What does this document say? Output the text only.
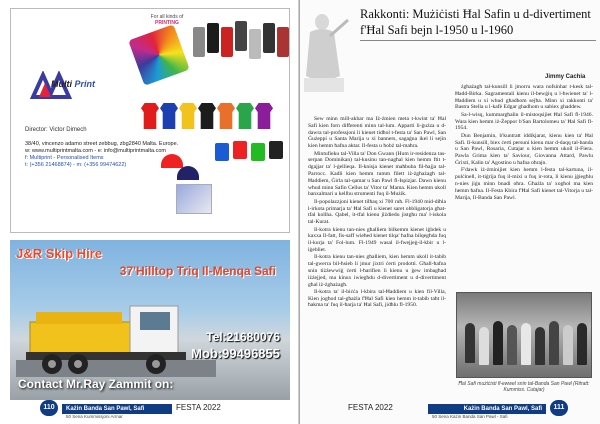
For all kinds of
PRINTING
Multi Print
Director: Victor Dimech
38/40, vincenzo adamo street zebbug, zbg2840 Malta. Europe.
w: www.multiprintmalta.com - e: info@multiprintmalta.com
f: Multiprint - Personalised Items
t: (+356 21468874) - m: (+356 99474622)
J&R Skip Hire
37'Hilltop Triq Il-Menqa Safi
Tel:21680076
Mob:99496855
Contact Mr.Ray Zammit on:
110	Każin Banda San Pawl, Safi
50 Sena Kummissjoni Armar
FESTA 2022
Rakkonti: Mużiċisti Ħal Safin u d-divertiment f'Ħal Safi bejn l-1950 u l-1960
Jimmy Cachia

Sew minn mill-akbar ma Iż-żmien meta t-kwint ta' Ħal Safi kien forn differenti minn tal-lum. Apparti li-ġużza u d-dawra tal-professjoni li kienet tidħol t-festa ta' San Pawl, San Ġużeppi u Santa Marija u xi banners, sagaġna ikel li sejin kien hemm ħafna aktar. Il-festa u ħobż tal-maħra.

Mintufieku tal-Villa ta' Don Gwann (Hum ir-residenza tas-serpan Dominikan) tal-kusinu tan-nagħal kien hemm ftit t-dgajjar ta' l-ġellieqa. Il-knisja kienet maħbuba fil-ħajja tal-Parrocc. Kadli kien hemm tumm filett iż-żgħażagħ tal-Ħaddiem, Ġirla tal-qamar u San Pawl fl-Ispizjar. Dawn kienu wħud minn Safin Cellus ta' Vitor ta' Mama. Kien hemm ukoll banxalmari u kellhu strumenti fuq il-Mużik.

Il-popolazzjoni kienet tilħaq xi 700 ruħ. Fl-1940 mid-diħla l-irkota primarja ta' Ħal Safi u kienet saret obbligatorja għat-tfal kollha. Qabel, it-tfal kienu jiżdiedu jistgħu ma' l-iskola tal-Kurat.

Il-kotra kienu tan-nies għalliem bilkemm kienet iġbdek u kaxxa Il-fatt, fis-saff wieħed kienet tilqa' ħafna bilqegħda fuq il-kurja ta' Fol-lum. Fl-1949 wasal il-fwejjeġ-il-kbir u l-iġebliet.

Il-kotra kienu tan-nies għalliem, kien hemm ukoll it-tabib tal-gwerra bil-ħsieb li jmur jixtri ċerti prodotti. Għall-ħafna snin tiżżewwiġ ċerti l-ħarifien li kienu u ġew imbagħad iżżejjed, ma kinux iwiegħdu d-divertiment u d-divertiment għal iż-żgħażagħ.

Il-kotra ta' il-biċċa l-kbira tal-Ħaddiem u kien fil-Villa, Kien jogħod tal-għażla f'Ħal Safi kien hemm it-tabib taħt il-ħakma ta' fuq il-ħarja ta' Ħal Safi, jidħlu fl-1950.

żgħażagħ tal-kunsill li jmorru wara nofsinhar t-kesk tal-Ħadd-Birka. Sagramentali kienu il-bewġiq u l-ħwienet ta' l-Ħaddiem u xi whud għadhom sejħa. Minn xi rakkonti ta' Bastra Stella u l-kafè Edgar ghadhom u sabiex ghaddew.

Sa-l-wisq, kummargħalin il-mistoqsijiet Ħal Safi fl-1946. Wara kien hemm iż-Żeppor b'San Bartolomeu ta' Ħal Safi fl-1954.

Dun Benjamin, b'kuntratt iddikjarat, kienu kien ta' Ħal Safi. Il-kunsill, biex ċerti persuni kienu mar d-daqq tal-banda u San Pawl, Rosaria, Cutajar u kien hemm ukoll il-Fiera. Pawla Grima kien ta' Saviour, Giovanna Attard, Pawlu Ġrixti, Kalin ta' Agostino u ħafna oħrajn.

F'dawk iż-żminijiet kien hemm l-festa tal-kartuna, il-pulċinell, it-tiġrija fuq il-mixi u fuq ir-rota, li kienu jġiegħlu n-nies jiġu minn bnadi oħra. Għażla ta' xogħol ma kien hemm ħafna. Il-Festa Kbira f'Ħal Safi kienet tal-Vitorja u tal-Marija, Il-Banda San Pawl.

Ħal Safi mużiċisti fl-ewwel snin tal-Banda San Pawl (Ritratt: Kummiss. Cutajar)
FESTA 2022	Każin Banda San Pawl, Safi
50 Sena Każin Banda San Pawl - Safi
111
